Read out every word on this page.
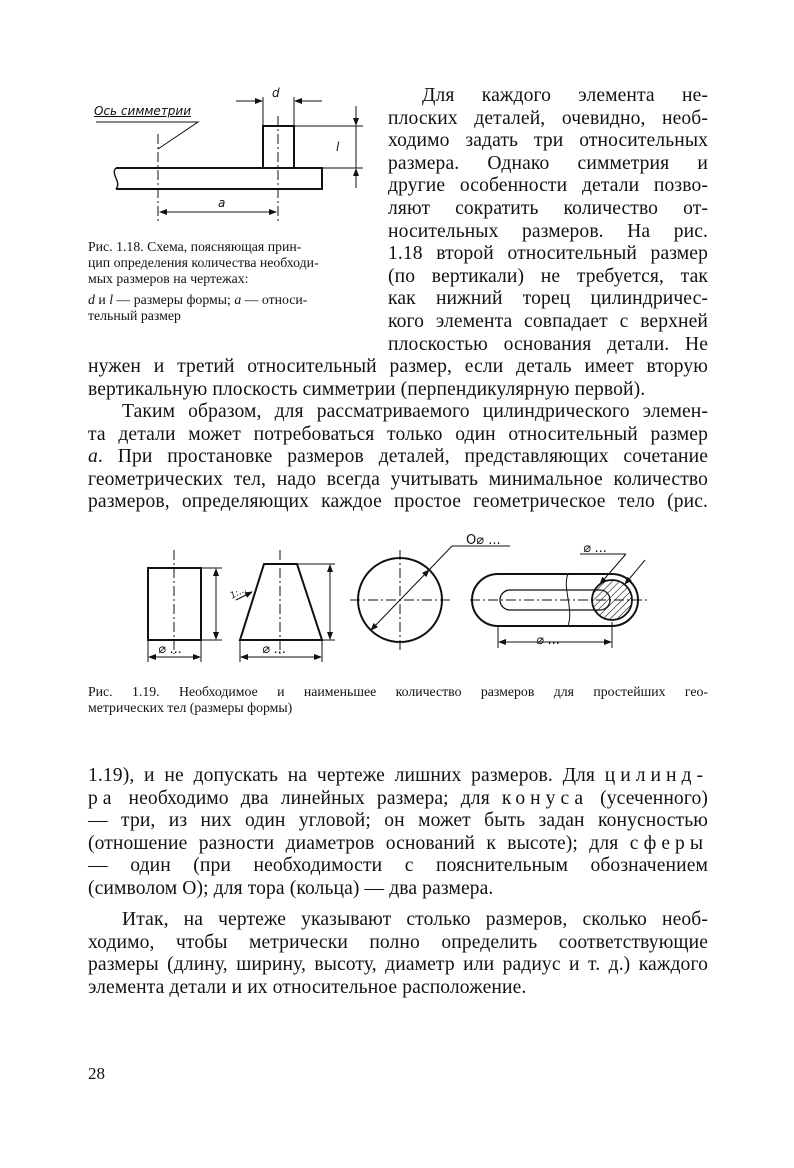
Ось симметрии
d
l
a
Рис. 1.18. Схема, поясняющая прин-
цип определения количества необходи-
мых размеров на чертежах:
d и l — размеры формы; a — относи-
тельный размер
Для каждого элемента не-
плоских деталей, очевидно, необ-
ходимо задать три относительных
размера. Однако симметрия и
другие особенности детали позво-
ляют сократить количество от-
носительных размеров. На рис.
1.18 второй относительный размер
(по вертикали) не требуется, так
как нижний торец цилиндричес-
кого элемента совпадает с верхней
плоскостью основания детали. Не
нужен и третий относительный размер, если деталь имеет вторую
вертикальную плоскость симметрии (перпендикулярную первой).
Таким образом, для рассматриваемого цилиндрического элемен-
та детали может потребоваться только один относительный размер
a. При простановке размеров деталей, представляющих сочетание
геометрических тел, надо всегда учитывать минимальное количество
размеров, определяющих каждое простое геометрическое тело (рис.
⌀ ...	⌀ ...
1:...
O⌀ ...
⌀ ...
⌀ ...
Рис. 1.19. Необходимое и наименьшее количество размеров для простейших гео-
метрических тел (размеры формы)
1.19), и не допускать на чертеже лишних размеров. Для цилинд-
ра необходимо два линейных размера; для конуса (усеченного)
— три, из них один угловой; он может быть задан конусностью
(отношение разности диаметров оснований к высоте); для сферы
— один (при необходимости с пояснительным обозначением
(символом О); для тора (кольца) — два размера.
Итак, на чертеже указывают столько размеров, сколько необ-
ходимо, чтобы метрически полно определить соответствующие
размеры (длину, ширину, высоту, диаметр или радиус и т. д.) каждого
элемента детали и их относительное расположение.
28
